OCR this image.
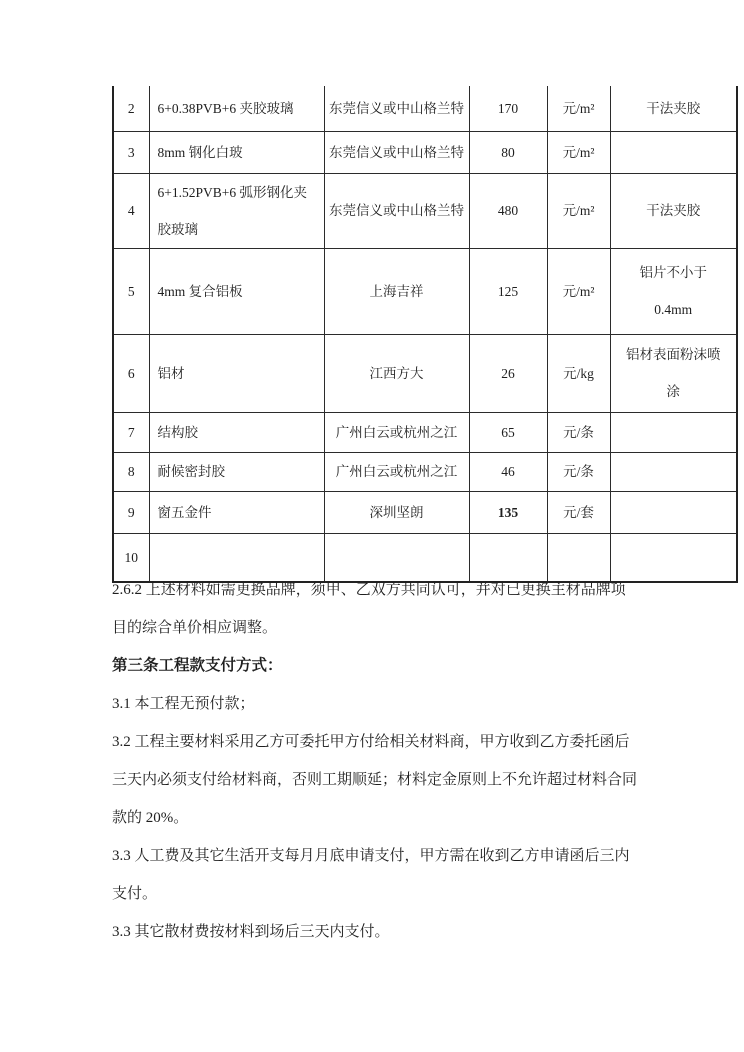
2	6+0.38PVB+6 夹胶玻璃	东莞信义或中山格兰特	170	元/m²	干法夹胶
3	8mm 钢化白玻	东莞信义或中山格兰特	80	元/m²	
4	6+1.52PVB+6 弧形钢化夹胶玻璃	东莞信义或中山格兰特	480	元/m²	干法夹胶
5	4mm 复合铝板	上海吉祥	125	元/m²	铝片不小于 0.4mm
6	铝材	江西方大	26	元/kg	铝材表面粉沫喷涂
7	结构胶	广州白云或杭州之江	65	元/条	
8	耐候密封胶	广州白云或杭州之江	46	元/条	
9	窗五金件	深圳坚朗	135	元/套	
10					
2.6.2 上述材料如需更换品牌，须甲、乙双方共同认可，并对已更换主材品牌项
目的综合单价相应调整。
第三条工程款支付方式：
3.1 本工程无预付款；
3.2 工程主要材料采用乙方可委托甲方付给相关材料商，甲方收到乙方委托函后
三天内必须支付给材料商，否则工期顺延；材料定金原则上不允许超过材料合同
款的 20%。
3.3 人工费及其它生活开支每月月底申请支付，甲方需在收到乙方申请函后三内
支付。
3.3 其它散材费按材料到场后三天内支付。
